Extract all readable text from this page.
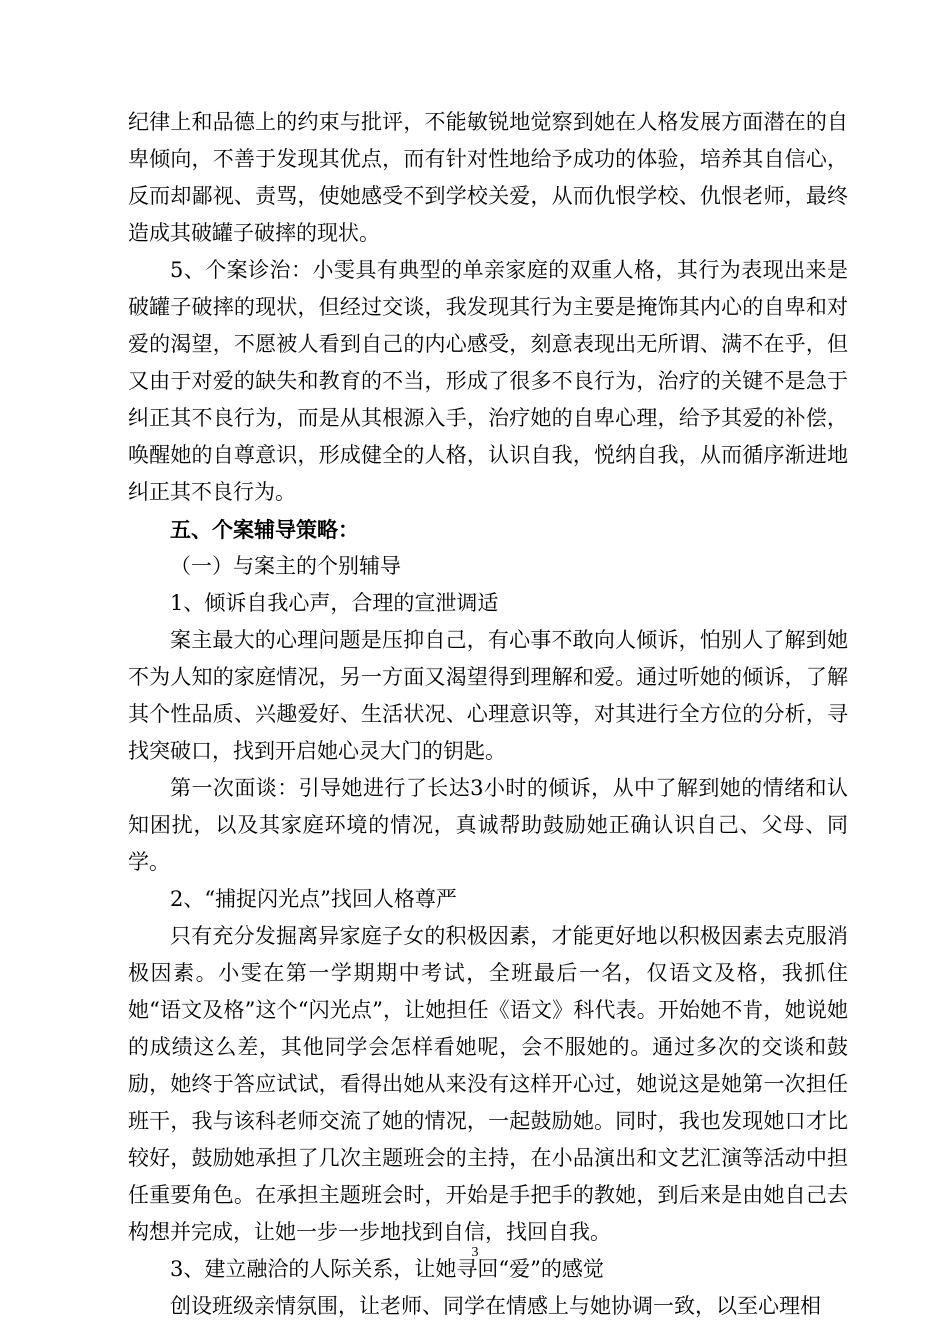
纪律上和品德上的约束与批评，不能敏锐地觉察到她在人格发展方面潜在的自卑倾向，不善于发现其优点，而有针对性地给予成功的体验，培养其自信心，反而却鄙视、责骂，使她感受不到学校关爱，从而仇恨学校、仇恨老师，最终造成其破罐子破摔的现状。

5、个案诊治：小雯具有典型的单亲家庭的双重人格，其行为表现出来是破罐子破摔的现状，但经过交谈，我发现其行为主要是掩饰其内心的自卑和对爱的渴望，不愿被人看到自己的内心感受，刻意表现出无所谓、满不在乎，但又由于对爱的缺失和教育的不当，形成了很多不良行为，治疗的关键不是急于纠正其不良行为，而是从其根源入手，治疗她的自卑心理，给予其爱的补偿，唤醒她的自尊意识，形成健全的人格，认识自我，悦纳自我，从而循序渐进地纠正其不良行为。

五、个案辅导策略：

（一）与案主的个别辅导

1、倾诉自我心声，合理的宣泄调适

案主最大的心理问题是压抑自己，有心事不敢向人倾诉，怕别人了解到她不为人知的家庭情况，另一方面又渴望得到理解和爱。通过听她的倾诉，了解其个性品质、兴趣爱好、生活状况、心理意识等，对其进行全方位的分析，寻找突破口，找到开启她心灵大门的钥匙。

第一次面谈：引导她进行了长达3小时的倾诉，从中了解到她的情绪和认知困扰，以及其家庭环境的情况，真诚帮助鼓励她正确认识自己、父母、同学。

2、“捕捉闪光点”找回人格尊严

只有充分发掘离异家庭子女的积极因素，才能更好地以积极因素去克服消极因素。小雯在第一学期期中考试，全班最后一名，仅语文及格，我抓住她“语文及格”这个“闪光点”，让她担任《语文》科代表。开始她不肯，她说她的成绩这么差，其他同学会怎样看她呢，会不服她的。通过多次的交谈和鼓励，她终于答应试试，看得出她从来没有这样开心过，她说这是她第一次担任班干，我与该科老师交流了她的情况，一起鼓励她。同时，我也发现她口才比较好，鼓励她承担了几次主题班会的主持，在小品演出和文艺汇演等活动中担任重要角色。在承担主题班会时，开始是手把手的教她，到后来是由她自己去构想并完成，让她一步一步地找到自信，找回自我。

3、建立融洽的人际关系，让她寻回“爱”的感觉

创设班级亲情氛围，让老师、同学在情感上与她协调一致，以至心理相

3
